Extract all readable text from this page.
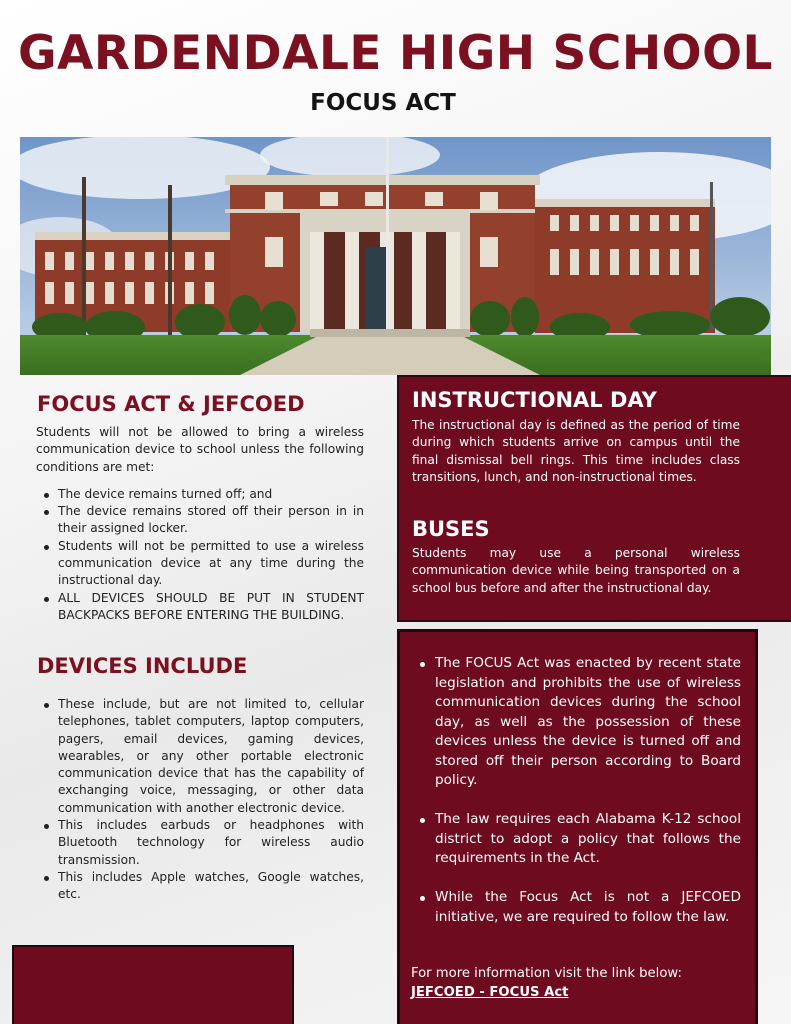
GARDENDALE HIGH SCHOOL
FOCUS ACT
FOCUS ACT & JEFCOED

Students will not be allowed to bring a wireless communication device to school unless the following conditions are met:

The device remains turned off; and
The device remains stored off their person in in their assigned locker.
Students will not be permitted to use a wireless communication device at any time during the instructional day.
ALL DEVICES SHOULD BE PUT IN STUDENT BACKPACKS BEFORE ENTERING THE BUILDING.
DEVICES INCLUDE
These include, but are not limited to, cellular telephones, tablet computers, laptop computers, pagers, email devices, gaming devices, wearables, or any other portable electronic communication device that has the capability of exchanging voice, messaging, or other data communication with another electronic device.
This includes earbuds or headphones with Bluetooth technology for wireless audio transmission.
This includes Apple watches, Google watches, etc.
INSTRUCTIONAL DAY

The instructional day is defined as the period of time during which students arrive on campus until the final dismissal bell rings. This time includes class transitions, lunch, and non-instructional times.

BUSES

Students may use a personal wireless communication device while being transported on a school bus before and after the instructional day.

The FOCUS Act was enacted by recent state legislation and prohibits the use of wireless communication devices during the school day, as well as the possession of these devices unless the device is turned off and stored off their person according to Board policy.
The law requires each Alabama K-12 school district to adopt a policy that follows the requirements in the Act.
While the Focus Act is not a JEFCOED initiative, we are required to follow the law.
For more information visit the link below:
JEFCOED - FOCUS Act
